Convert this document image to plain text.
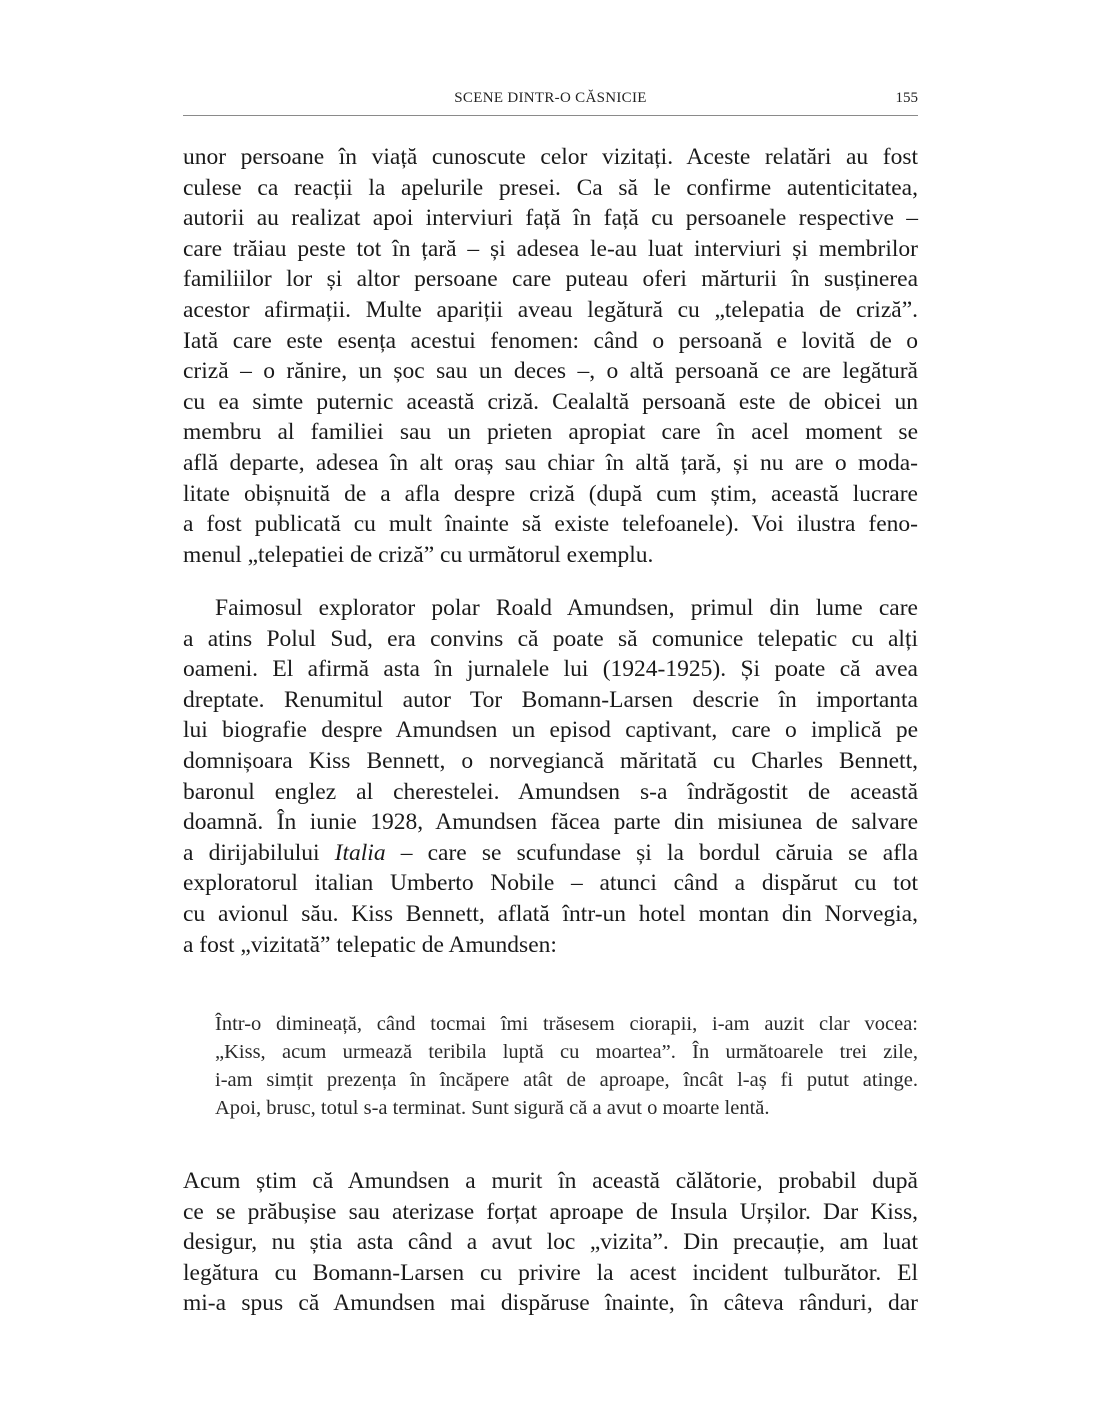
SCENE DINTR-O CĂSNICIE	155
unor persoane în viață cunoscute celor vizitați. Aceste relatări au fost
culese ca reacții la apelurile presei. Ca să le confirme autenticitatea,
autorii au realizat apoi interviuri față în față cu persoanele respective –
care trăiau peste tot în țară – și adesea le-au luat interviuri și membrilor
familiilor lor și altor persoane care puteau oferi mărturii în susținerea
acestor afirmații. Multe apariții aveau legătură cu „telepatia de criză”.
Iată care este esența acestui fenomen: când o persoană e lovită de o
criză – o rănire, un șoc sau un deces –, o altă persoană ce are legătură
cu ea simte puternic această criză. Cealaltă persoană este de obicei un
membru al familiei sau un prieten apropiat care în acel moment se
află departe, adesea în alt oraș sau chiar în altă țară, și nu are o moda-
litate obișnuită de a afla despre criză (după cum știm, această lucrare
a fost publicată cu mult înainte să existe telefoanele). Voi ilustra feno-
menul „telepatiei de criză” cu următorul exemplu.
Faimosul explorator polar Roald Amundsen, primul din lume care
a atins Polul Sud, era convins că poate să comunice telepatic cu alți
oameni. El afirmă asta în jurnalele lui (1924-1925). Și poate că avea
dreptate. Renumitul autor Tor Bomann-Larsen descrie în importanta
lui biografie despre Amundsen un episod captivant, care o implică pe
domnișoara Kiss Bennett, o norvegiancă măritată cu Charles Bennett,
baronul englez al cherestelei. Amundsen s-a îndrăgostit de această
doamnă. În iunie 1928, Amundsen făcea parte din misiunea de salvare
a dirijabilului Italia – care se scufundase și la bordul căruia se afla
exploratorul italian Umberto Nobile – atunci când a dispărut cu tot
cu avionul său. Kiss Bennett, aflată într-un hotel montan din Norvegia,
a fost „vizitată” telepatic de Amundsen:
Într-o dimineață, când tocmai îmi trăsesem ciorapii, i-am auzit clar vocea:
„Kiss, acum urmează teribila luptă cu moartea”. În următoarele trei zile,
i-am simțit prezența în încăpere atât de aproape, încât l-aș fi putut atinge.
Apoi, brusc, totul s-a terminat. Sunt sigură că a avut o moarte lentă.
Acum știm că Amundsen a murit în această călătorie, probabil după
ce se prăbușise sau aterizase forțat aproape de Insula Urșilor. Dar Kiss,
desigur, nu știa asta când a avut loc „vizita”. Din precauție, am luat
legătura cu Bomann-Larsen cu privire la acest incident tulburător. El
mi-a spus că Amundsen mai dispăruse înainte, în câteva rânduri, dar
